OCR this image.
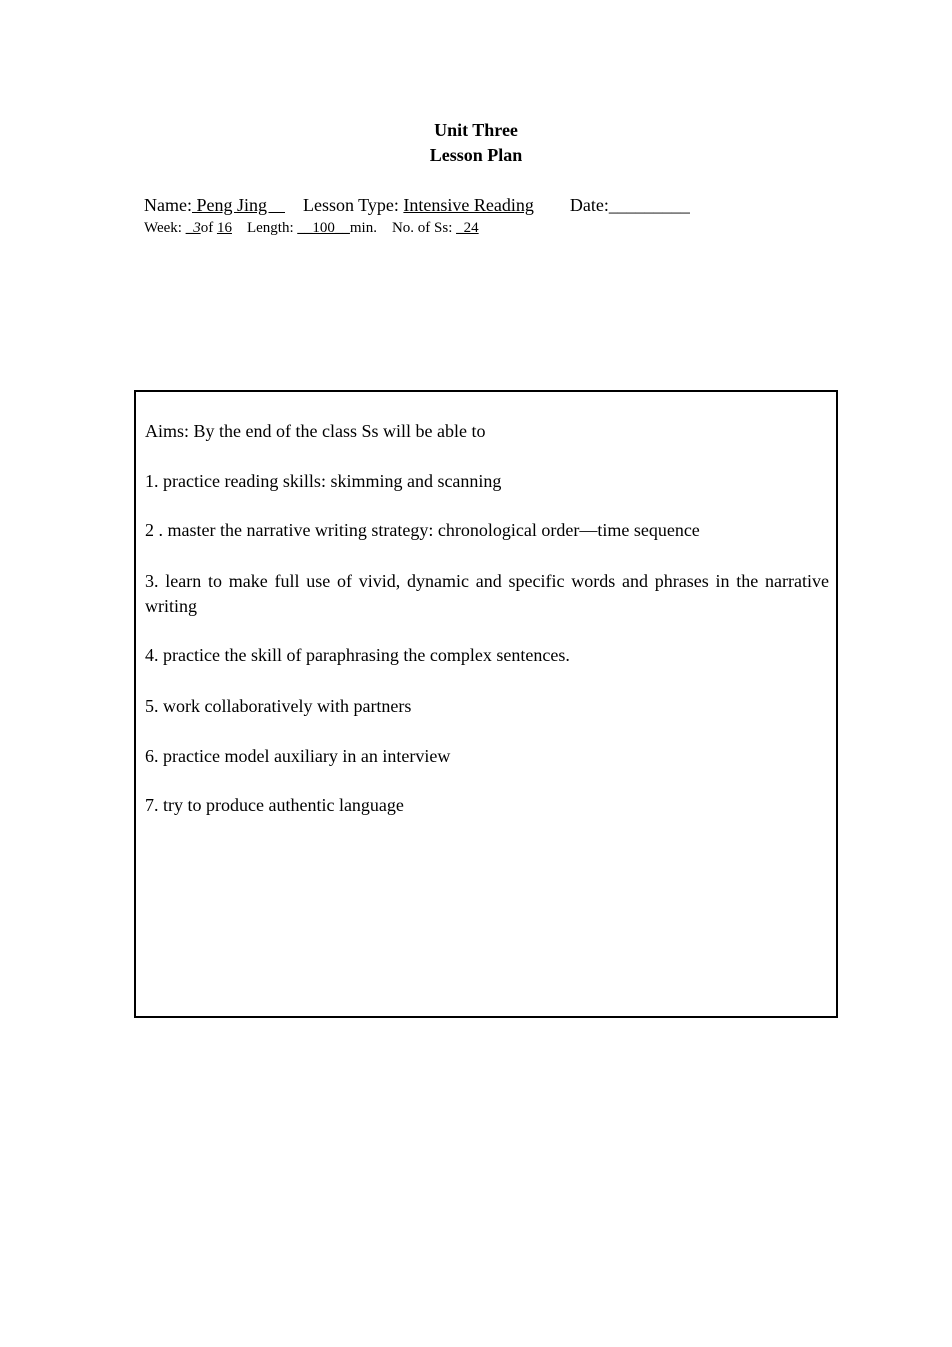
Unit Three
Lesson Plan
Name: Peng Jing        Lesson Type: Intensive Reading Date:_________
Week: _3of 16 Length: __100__min. No. of Ss: _24
Aims: By the end of the class Ss will be able to
1. practice reading skills: skimming and scanning
2 . master the narrative writing strategy: chronological order—time sequence
3. learn to make full use of vivid, dynamic and specific words and phrases in the narrative writing
4. practice the skill of paraphrasing the complex sentences.
5. work collaboratively with partners
6. practice model auxiliary in an interview
7. try to produce authentic language
